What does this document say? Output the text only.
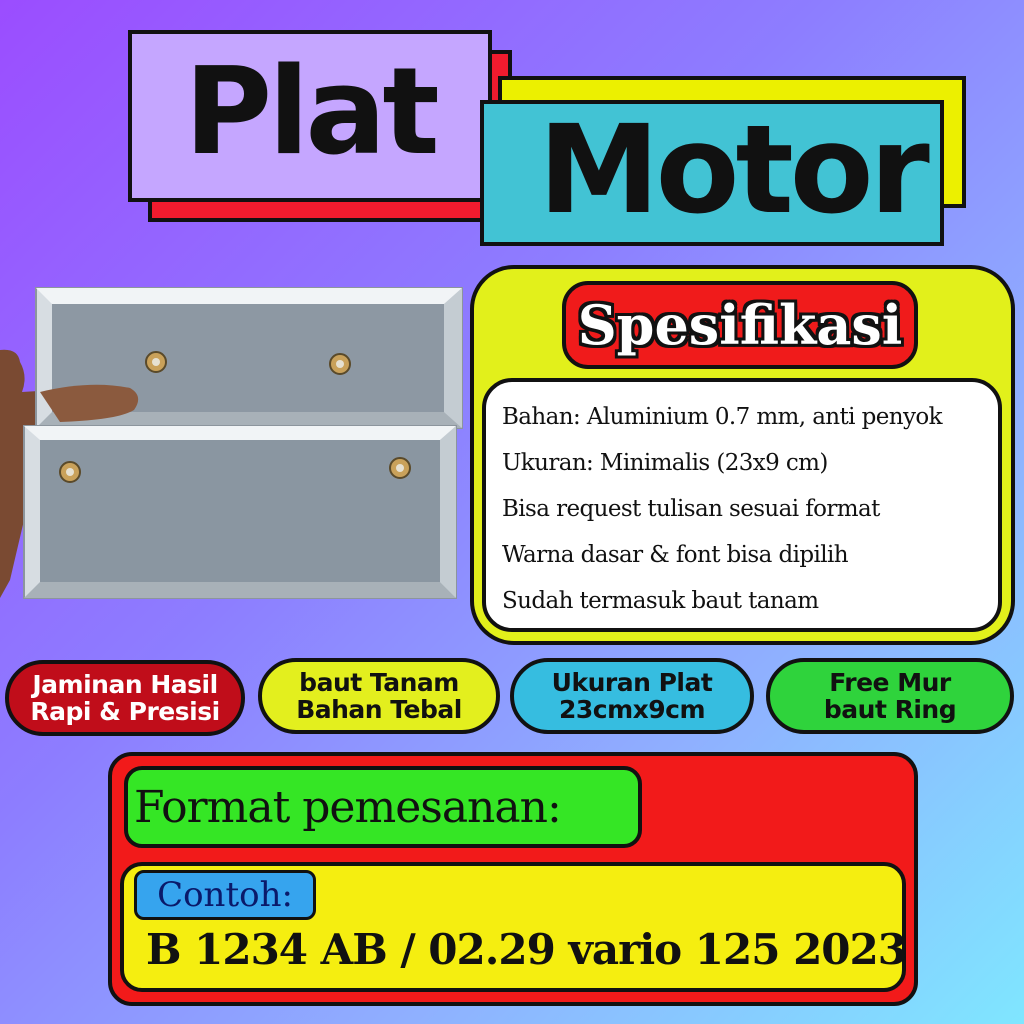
Plat Motor
Spesifikasi
Bahan: Aluminium 0.7 mm, anti penyok
Ukuran: Minimalis (23x9 cm)
Bisa request tulisan sesuai format
Warna dasar & font bisa dipilih
Sudah termasuk baut tanam
Jaminan Hasil
Rapi & Presisi
baut Tanam
Bahan Tebal
Ukuran Plat
23cmx9cm
Free Mur
baut Ring
Format pemesanan:
Contoh:
B 1234 AB / 02.29 vario 125 2023
